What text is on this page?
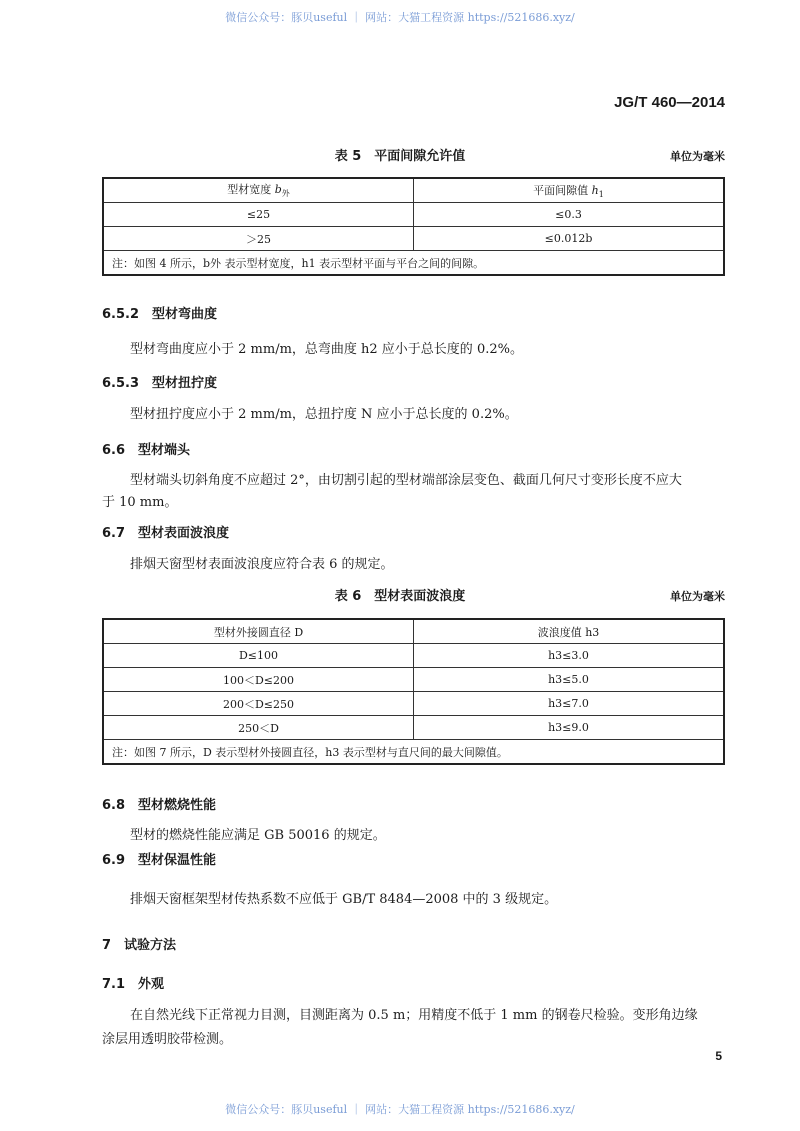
微信公众号：豚贝useful ｜ 网站：大猫工程资源 https://521686.xyz/
JG/T 460—2014
表 5　平面间隙允许值	单位为毫米
型材宽度 $b_外$	平面间隙值 $h_1$
≤25	≤0.3
＞25	≤0.012b
注：如图 4 所示，b外 表示型材宽度，h1 表示型材平面与平台之间的间隙。	
6.5.2　型材弯曲度
型材弯曲度应小于 2 mm/m，总弯曲度 h2 应小于总长度的 0.2%。
6.5.3　型材扭拧度
型材扭拧度应小于 2 mm/m，总扭拧度 N 应小于总长度的 0.2%。
6.6　型材端头
型材端头切斜角度不应超过 2°，由切割引起的型材端部涂层变色、截面几何尺寸变形长度不应大
于 10 mm。
6.7　型材表面波浪度
排烟天窗型材表面波浪度应符合表 6 的规定。
表 6　型材表面波浪度	单位为毫米
型材外接圆直径 D	波浪度值 h3
D≤100	h3≤3.0
100＜D≤200	h3≤5.0
200＜D≤250	h3≤7.0
250＜D	h3≤9.0
注：如图 7 所示，D 表示型材外接圆直径，h3 表示型材与直尺间的最大间隙值。	
6.8　型材燃烧性能
型材的燃烧性能应满足 GB 50016 的规定。
6.9　型材保温性能
排烟天窗框架型材传热系数不应低于 GB/T 8484—2008 中的 3 级规定。
7　试验方法
7.1　外观
在自然光线下正常视力目测，目测距离为 0.5 m；用精度不低于 1 mm 的钢卷尺检验。变形角边缘
涂层用透明胶带检测。
5
微信公众号：豚贝useful ｜ 网站：大猫工程资源 https://521686.xyz/
